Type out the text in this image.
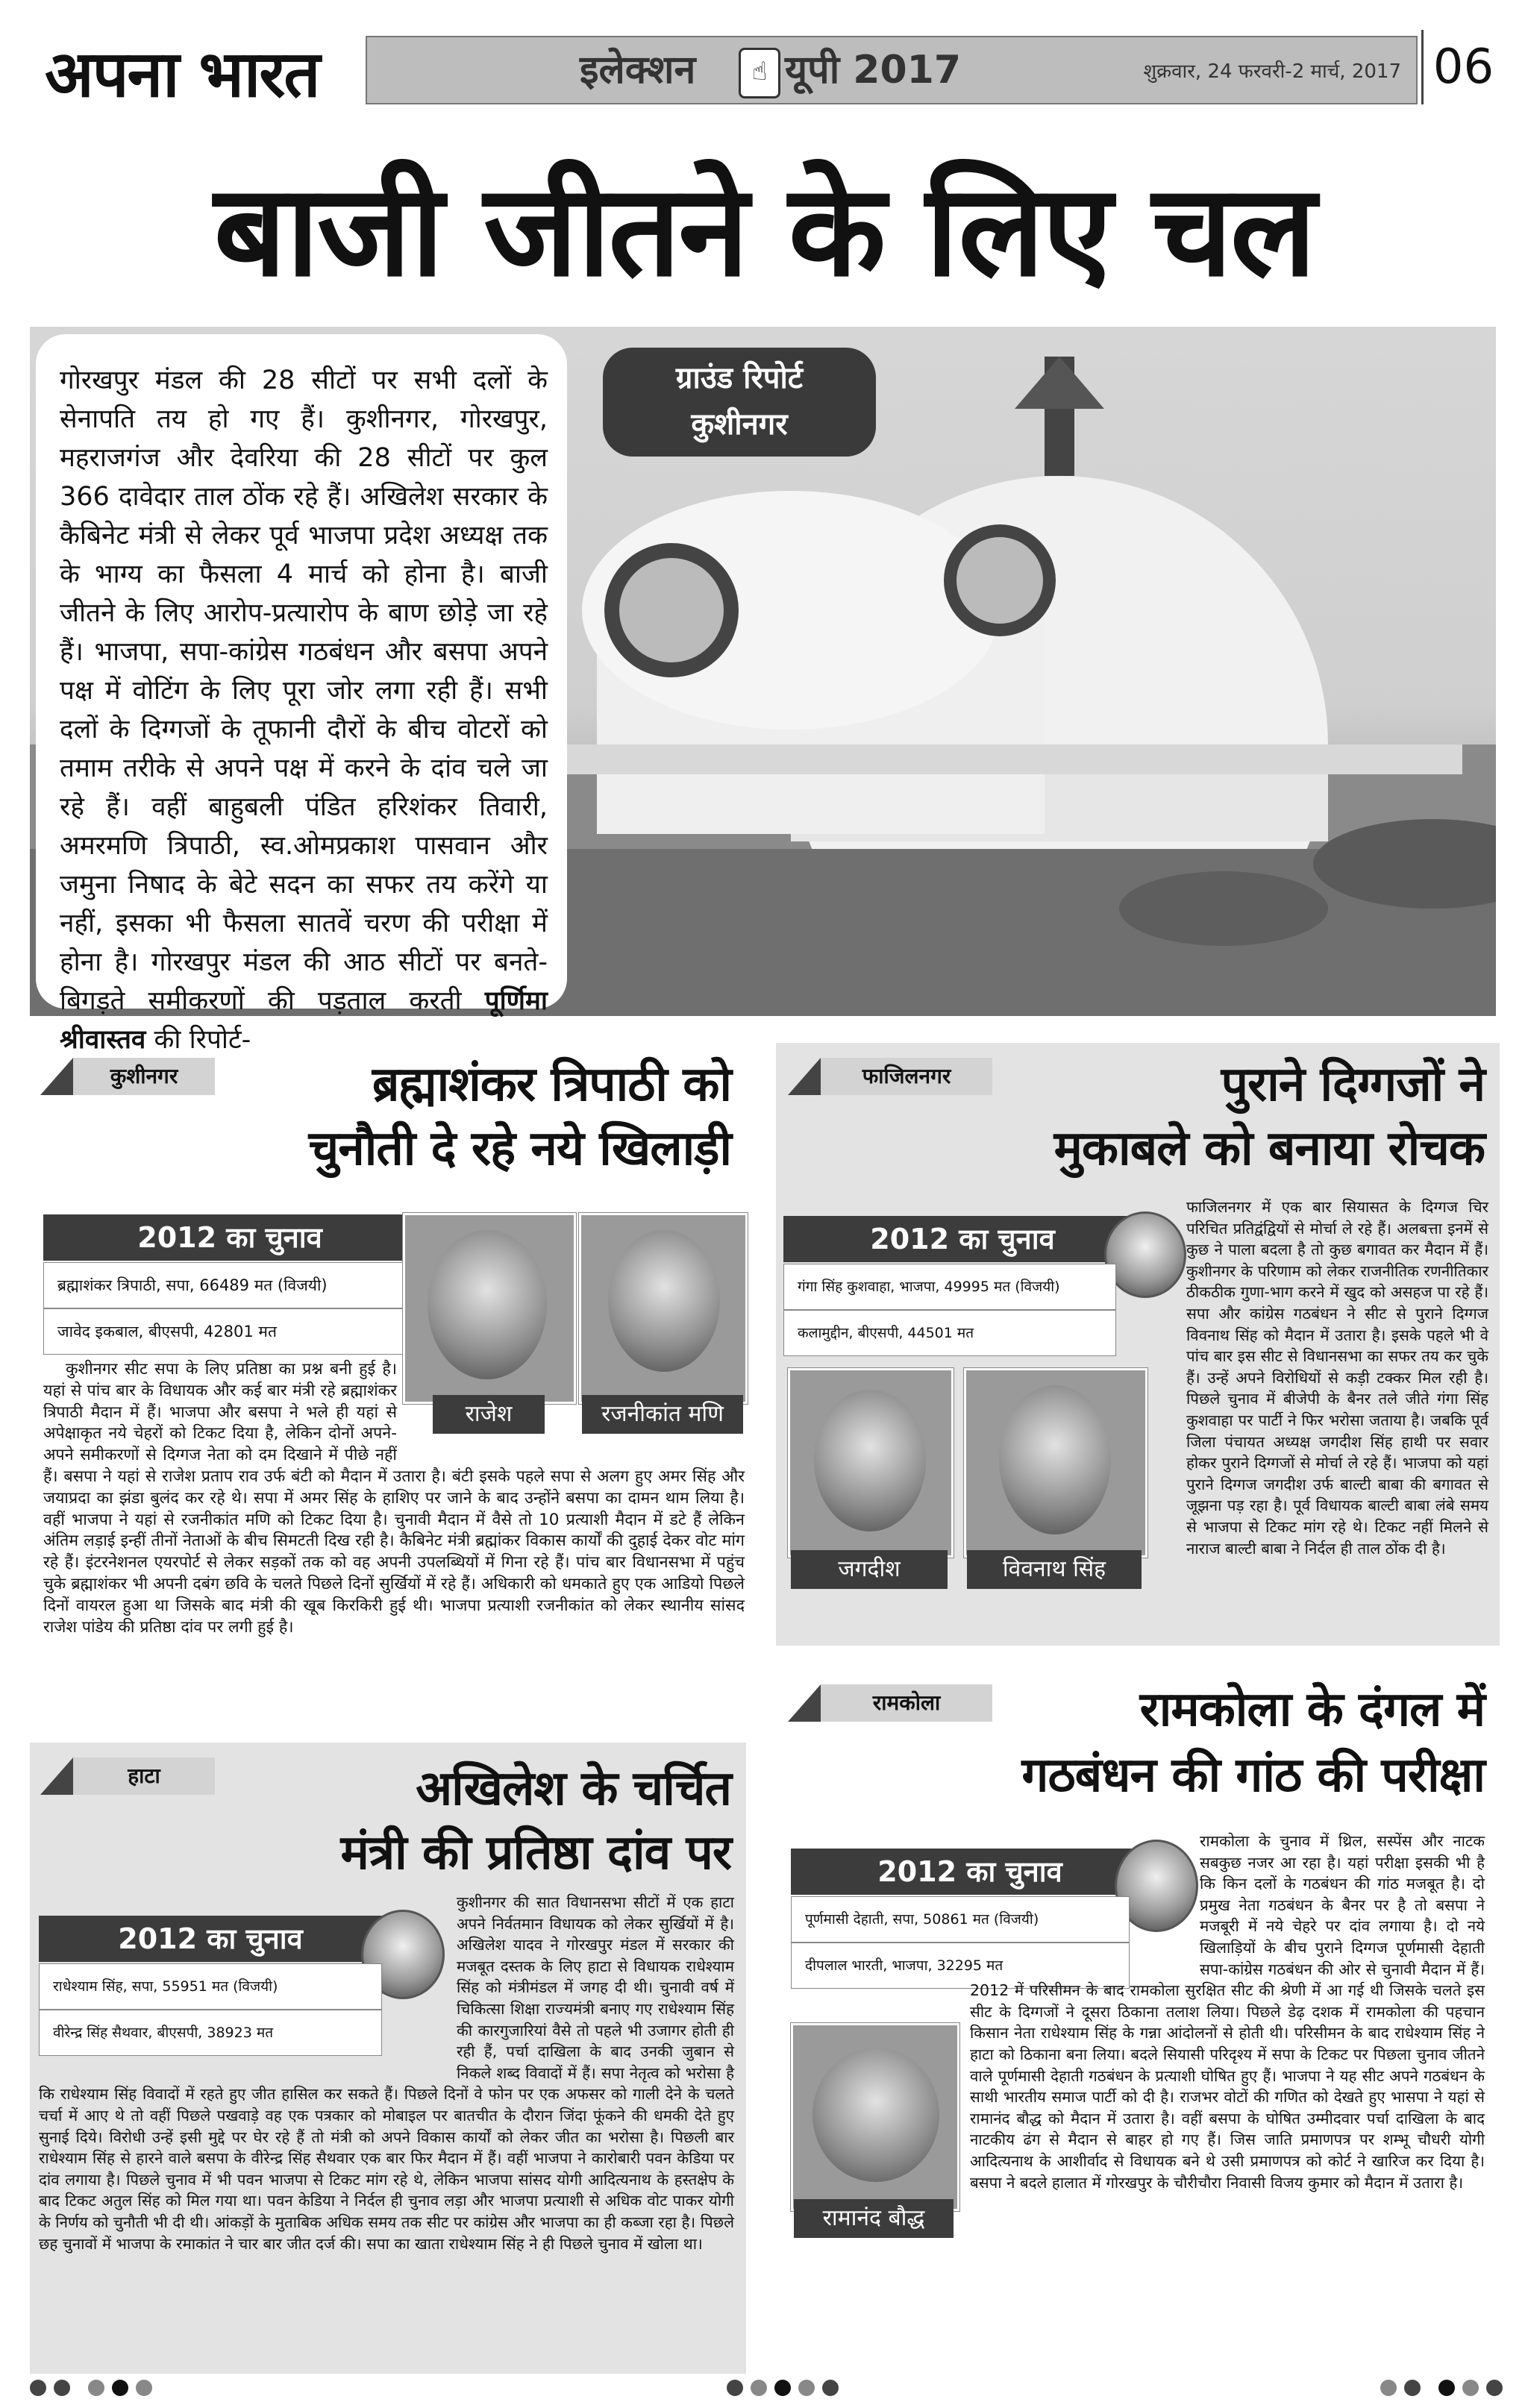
अपना भारत	इलेक्शन	☝ यूपी 2017	शुक्रवार, 24 फरवरी-2 मार्च, 2017 06
बाजी जीतने के लिए चल
गोरखपुर मंडल की 28 सीटों पर सभी दलों के सेनापति तय हो गए हैं। कुशीनगर, गोरखपुर, महराजगंज और देवरिया की 28 सीटों पर कुल 366 दावेदार ताल ठोंक रहे हैं। अखिलेश सरकार के कैबिनेट मंत्री से लेकर पूर्व भाजपा प्रदेश अध्यक्ष तक के भाग्य का फैसला 4 मार्च को होना है। बाजी जीतने के लिए आरोप-प्रत्यारोप के बाण छोड़े जा रहे हैं। भाजपा, सपा-कांग्रेस गठबंधन और बसपा अपने पक्ष में वोटिंग के लिए पूरा जोर लगा रही हैं। सभी दलों के दिग्गजों के तूफानी दौरों के बीच वोटरों को तमाम तरीके से अपने पक्ष में करने के दांव चले जा रहे हैं। वहीं बाहुबली पंडित हरिशंकर तिवारी, अमरमणि त्रिपाठी, स्व.ओमप्रकाश पासवान और जमुना निषाद के बेटे सदन का सफर तय करेंगे या नहीं, इसका भी फैसला सातवें चरण की परीक्षा में होना है। गोरखपुर मंडल की आठ सीटों पर बनते-बिगड़ते समीकरणों की पड़ताल करती पूर्णिमा श्रीवास्तव की रिपोर्ट-
ग्राउंड रिपोर्ट
कुशीनगर
कुशीनगर	ब्रह्माशंकर त्रिपाठी को
चुनौती दे रहे नये खिलाड़ी
2012 का चुनाव
ब्रह्माशंकर त्रिपाठी, सपा, 66489 मत (विजयी)
जावेद इकबाल, बीएसपी, 42801 मत
राजेश	रजनीकांत मणि
कुशीनगर सीट सपा के लिए प्रतिष्ठा का प्रश्न बनी हुई है। यहां से पांच बार के विधायक और कई बार मंत्री रहे ब्रह्माशंकर त्रिपाठी मैदान में हैं। भाजपा और बसपा ने भले ही यहां से अपेक्षाकृत नये चेहरों को टिकट दिया है, लेकिन दोनों अपने-अपने समीकरणों से दिग्गज नेता को दम दिखाने में पीछे नहीं हैं। बसपा ने यहां से राजेश प्रताप राव उर्फ बंटी को मैदान में उतारा है। बंटी इसके पहले सपा से अलग हुए अमर सिंह और जयाप्रदा का झंडा बुलंद कर रहे थे। सपा में अमर सिंह के हाशिए पर जाने के बाद उन्होंने बसपा का दामन थाम लिया है। वहीं भाजपा ने यहां से रजनीकांत मणि को टिकट दिया है। चुनावी मैदान में वैसे तो 10 प्रत्याशी मैदान में डटे हैं लेकिन अंतिम लड़ाई इन्हीं तीनों नेताओं के बीच सिमटती दिख रही है। कैबिनेट मंत्री ब्रह्मांकर विकास कार्यों की दुहाई देकर वोट मांग रहे हैं। इंटरनेशनल एयरपोर्ट से लेकर सड़कों तक को वह अपनी उपलब्धियों में गिना रहे हैं। पांच बार विधानसभा में पहुंच चुके ब्रह्माशंकर भी अपनी दबंग छवि के चलते पिछले दिनों सुर्खियों में रहे हैं। अधिकारी को धमकाते हुए एक आडियो पिछले दिनों वायरल हुआ था जिसके बाद मंत्री की खूब किरकिरी हुई थी। भाजपा प्रत्याशी रजनीकांत को लेकर स्थानीय सांसद राजेश पांडेय की प्रतिष्ठा दांव पर लगी हुई है।
फाजिलनगर	पुराने दिग्गजों ने
मुकाबले को बनाया रोचक
2012 का चुनाव
गंगा सिंह कुशवाहा, भाजपा, 49995 मत (विजयी)
कलामुद्दीन, बीएसपी, 44501 मत
जगदीश	विवनाथ सिंह
फाजिलनगर में एक बार सियासत के दिग्गज चिर परिचित प्रतिद्वंद्वियों से मोर्चा ले रहे हैं। अलबत्ता इनमें से कुछ ने पाला बदला है तो कुछ बगावत कर मैदान में हैं। कुशीनगर के परिणाम को लेकर राजनीतिक रणनीतिकार ठीकठीक गुणा-भाग करने में खुद को असहज पा रहे हैं। सपा और कांग्रेस गठबंधन ने सीट से पुराने दिग्गज विवनाथ सिंह को मैदान में उतारा है। इसके पहले भी वे पांच बार इस सीट से विधानसभा का सफर तय कर चुके हैं। उन्हें अपने विरोधियों से कड़ी टक्कर मिल रही है। पिछले चुनाव में बीजेपी के बैनर तले जीते गंगा सिंह कुशवाहा पर पार्टी ने फिर भरोसा जताया है। जबकि पूर्व जिला पंचायत अध्यक्ष जगदीश सिंह हाथी पर सवार होकर पुराने दिग्गजों से मोर्चा ले रहे हैं। भाजपा को यहां पुराने दिग्गज जगदीश उर्फ बाल्टी बाबा की बगावत से जूझना पड़ रहा है। पूर्व विधायक बाल्टी बाबा लंबे समय से भाजपा से टिकट मांग रहे थे। टिकट नहीं मिलने से नाराज बाल्टी बाबा ने निर्दल ही ताल ठोंक दी है।
रामकोला	रामकोला के दंगल में
गठबंधन की गांठ की परीक्षा
2012 का चुनाव
पूर्णमासी देहाती, सपा, 50861 मत (विजयी)
दीपलाल भारती, भाजपा, 32295 मत
रामानंद बौद्ध
रामकोला के चुनाव में थ्रिल, सस्पेंस और नाटक सबकुछ नजर आ रहा है। यहां परीक्षा इसकी भी है कि किन दलों के गठबंधन की गांठ मजबूत है। दो प्रमुख नेता गठबंधन के बैनर पर है तो बसपा ने मजबूरी में नये चेहरे पर दांव लगाया है। दो नये खिलाड़ियों के बीच पुराने दिग्गज पूर्णमासी देहाती सपा-कांग्रेस गठबंधन की ओर से चुनावी मैदान में हैं। 2012 में परिसीमन के बाद रामकोला सुरक्षित सीट की श्रेणी में आ गई थी जिसके चलते इस सीट के दिग्गजों ने दूसरा ठिकाना तलाश लिया। पिछले डेढ़ दशक में रामकोला की पहचान किसान नेता राधेश्याम सिंह के गन्ना आंदोलनों से होती थी। परिसीमन के बाद राधेश्याम सिंह ने हाटा को ठिकाना बना लिया। बदले सियासी परिदृश्य में सपा के टिकट पर पिछला चुनाव जीतने वाले पूर्णमासी देहाती गठबंधन के प्रत्याशी घोषित हुए हैं। भाजपा ने यह सीट अपने गठबंधन के साथी भारतीय समाज पार्टी को दी है। राजभर वोटों की गणित को देखते हुए भासपा ने यहां से रामानंद बौद्ध को मैदान में उतारा है। वहीं बसपा के घोषित उम्मीदवार पर्चा दाखिला के बाद नाटकीय ढंग से मैदान से बाहर हो गए हैं। जिस जाति प्रमाणपत्र पर शम्भू चौधरी योगी आदित्यनाथ के आशीर्वाद से विधायक बने थे उसी प्रमाणपत्र को कोर्ट ने खारिज कर दिया है। बसपा ने बदले हालात में गोरखपुर के चौरीचौरा निवासी विजय कुमार को मैदान में उतारा है।
हाटा	अखिलेश के चर्चित
मंत्री की प्रतिष्ठा दांव पर
2012 का चुनाव
राधेश्याम सिंह, सपा, 55951 मत (विजयी)
वीरेन्द्र सिंह सैथवार, बीएसपी, 38923 मत
कुशीनगर की सात विधानसभा सीटों में एक हाटा अपने निर्वतमान विधायक को लेकर सुर्खियों में है। अखिलेश यादव ने गोरखपुर मंडल में सरकार की मजबूत दस्तक के लिए हाटा से विधायक राधेश्याम सिंह को मंत्रीमंडल में जगह दी थी। चुनावी वर्ष में चिकित्सा शिक्षा राज्यमंत्री बनाए गए राधेश्याम सिंह की कारगुजारियां वैसे तो पहले भी उजागर होती ही रही हैं, पर्चा दाखिला के बाद उनकी जुबान से निकले शब्द विवादों में हैं। सपा नेतृत्व को भरोसा है कि राधेश्याम सिंह विवादों में रहते हुए जीत हासिल कर सकते हैं। पिछले दिनों वे फोन पर एक अफसर को गाली देने के चलते चर्चा में आए थे तो वहीं पिछले पखवाड़े वह एक पत्रकार को मोबाइल पर बातचीत के दौरान जिंदा फूंकने की धमकी देते हुए सुनाई दिये। विरोधी उन्हें इसी मुद्दे पर घेर रहे हैं तो मंत्री को अपने विकास कार्यों को लेकर जीत का भरोसा है। पिछली बार राधेश्याम सिंह से हारने वाले बसपा के वीरेन्द्र सिंह सैथवार एक बार फिर मैदान में हैं। वहीं भाजपा ने कारोबारी पवन केडिया पर दांव लगाया है। पिछले चुनाव में भी पवन भाजपा से टिकट मांग रहे थे, लेकिन भाजपा सांसद योगी आदित्यनाथ के हस्तक्षेप के बाद टिकट अतुल सिंह को मिल गया था। पवन केडिया ने निर्दल ही चुनाव लड़ा और भाजपा प्रत्याशी से अधिक वोट पाकर योगी के निर्णय को चुनौती भी दी थी। आंकड़ों के मुताबिक अधिक समय तक सीट पर कांग्रेस और भाजपा का ही कब्जा रहा है। पिछले छह चुनावों में भाजपा के रमाकांत ने चार बार जीत दर्ज की। सपा का खाता राधेश्याम सिंह ने ही पिछले चुनाव में खोला था।
